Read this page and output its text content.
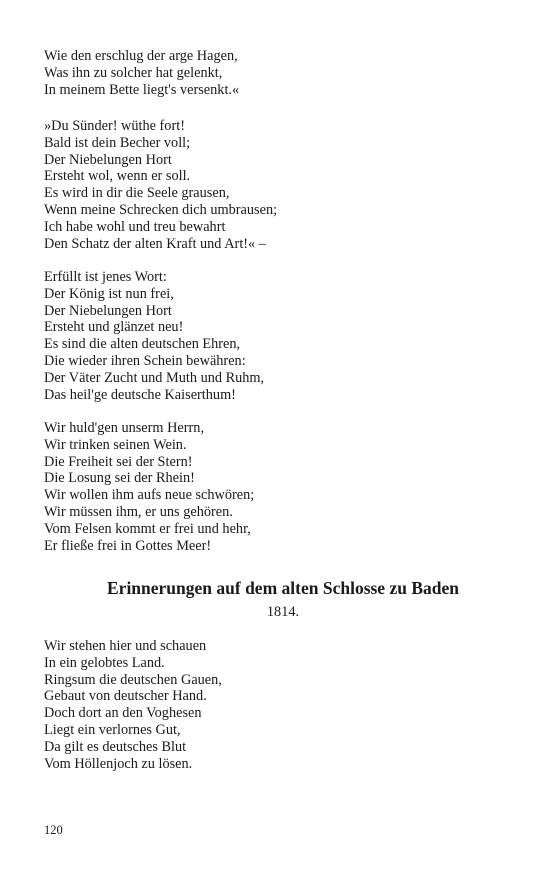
Wie den erschlug der arge Hagen,
Was ihn zu solcher hat gelenkt,
In meinem Bette liegt's versenkt.«
»Du Sünder! wüthe fort!
Bald ist dein Becher voll;
Der Niebelungen Hort
Ersteht wol, wenn er soll.
Es wird in dir die Seele grausen,
Wenn meine Schrecken dich umbrausen;
Ich habe wohl und treu bewahrt
Den Schatz der alten Kraft und Art!« –
Erfüllt ist jenes Wort:
Der König ist nun frei,
Der Niebelungen Hort
Ersteht und glänzet neu!
Es sind die alten deutschen Ehren,
Die wieder ihren Schein bewähren:
Der Väter Zucht und Muth und Ruhm,
Das heil'ge deutsche Kaiserthum!
Wir huld'gen unserm Herrn,
Wir trinken seinen Wein.
Die Freiheit sei der Stern!
Die Losung sei der Rhein!
Wir wollen ihm aufs neue schwören;
Wir müssen ihm, er uns gehören.
Vom Felsen kommt er frei und hehr,
Er fließe frei in Gottes Meer!
Erinnerungen auf dem alten Schlosse zu Baden
1814.
Wir stehen hier und schauen
In ein gelobtes Land.
Ringsum die deutschen Gauen,
Gebaut von deutscher Hand.
Doch dort an den Voghesen
Liegt ein verlornes Gut,
Da gilt es deutsches Blut
Vom Höllenjoch zu lösen.
120
